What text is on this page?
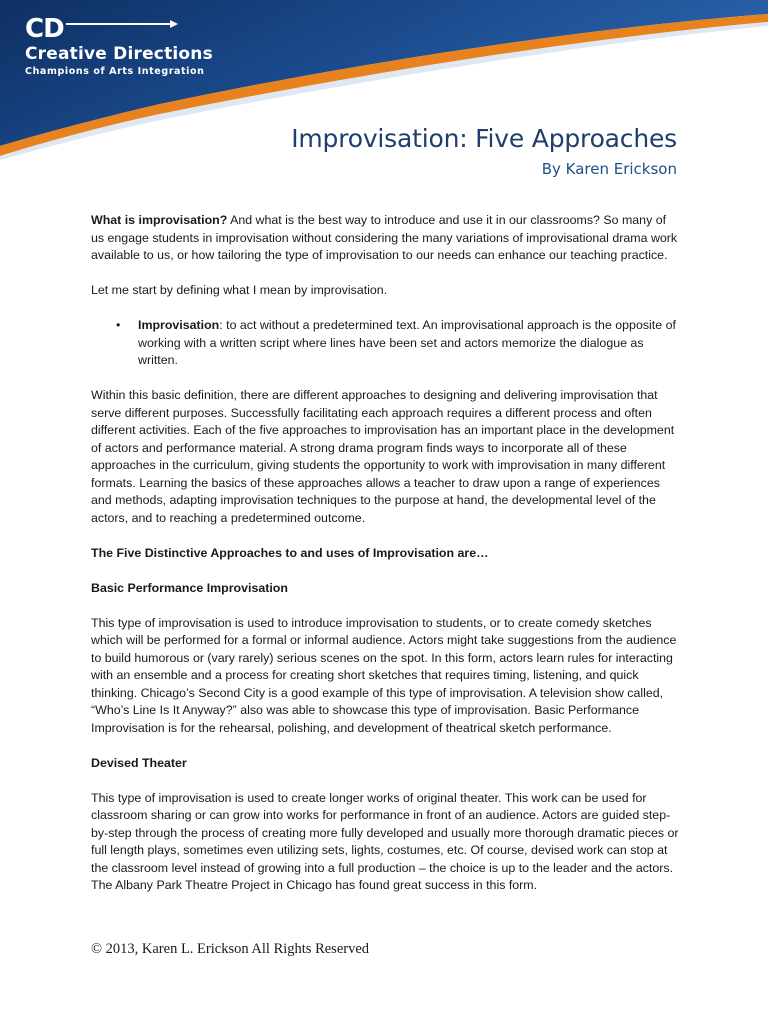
CD
Creative Directions
Champions of Arts Integration
Improvisation: Five Approaches
By Karen Erickson

What is improvisation? And what is the best way to introduce and use it in our classrooms? So many of us engage students in improvisation without considering the many variations of improvisational drama work available to us, or how tailoring the type of improvisation to our needs can enhance our teaching practice.

Let me start by defining what I mean by improvisation.

• Improvisation: to act without a predetermined text. An improvisational approach is the opposite of working with a written script where lines have been set and actors memorize the dialogue as written.

Within this basic definition, there are different approaches to designing and delivering improvisation that serve different purposes. Successfully facilitating each approach requires a different process and often different activities. Each of the five approaches to improvisation has an important place in the development of actors and performance material. A strong drama program finds ways to incorporate all of these approaches in the curriculum, giving students the opportunity to work with improvisation in many different formats. Learning the basics of these approaches allows a teacher to draw upon a range of experiences and methods, adapting improvisation techniques to the purpose at hand, the developmental level of the actors, and to reaching a predetermined outcome.

The Five Distinctive Approaches to and uses of Improvisation are…

Basic Performance Improvisation

This type of improvisation is used to introduce improvisation to students, or to create comedy sketches which will be performed for a formal or informal audience. Actors might take suggestions from the audience to build humorous or (vary rarely) serious scenes on the spot. In this form, actors learn rules for interacting with an ensemble and a process for creating short sketches that requires timing, listening, and quick thinking. Chicago’s Second City is a good example of this type of improvisation. A television show called, “Who’s Line Is It Anyway?” also was able to showcase this type of improvisation. Basic Performance Improvisation is for the rehearsal, polishing, and development of theatrical sketch performance.

Devised Theater

This type of improvisation is used to create longer works of original theater. This work can be used for classroom sharing or can grow into works for performance in front of an audience. Actors are guided step-by-step through the process of creating more fully developed and usually more thorough dramatic pieces or full length plays, sometimes even utilizing sets, lights, costumes, etc. Of course, devised work can stop at the classroom level instead of growing into a full production – the choice is up to the leader and the actors. The Albany Park Theatre Project in Chicago has found great success in this form.

© 2013, Karen L. Erickson All Rights Reserved
